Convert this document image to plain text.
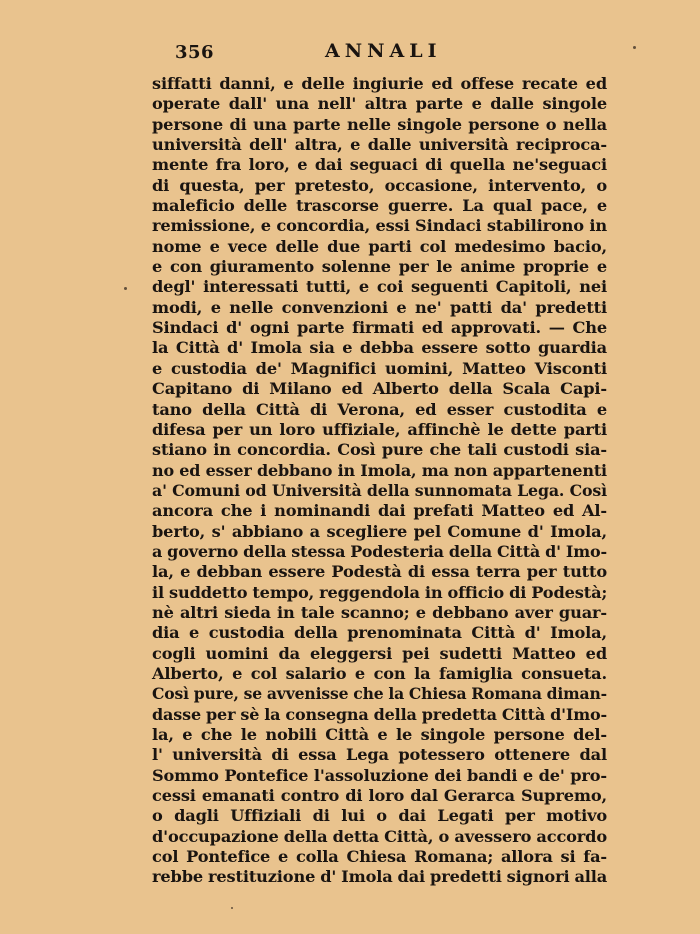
356	ANNALI
siffatti danni, e delle ingiurie ed offese recate ed
operate dall' una nell' altra parte e dalle singole
persone di una parte nelle singole persone o nella
università dell' altra, e dalle università reciproca-
mente fra loro, e dai seguaci di quella ne'seguaci
di questa, per pretesto, occasione, intervento, o
maleficio delle trascorse guerre. La qual pace, e
remissione, e concordia, essi Sindaci stabilirono in
nome e vece delle due parti col medesimo bacio,
e con giuramento solenne per le anime proprie e
degl' interessati tutti, e coi seguenti Capitoli, nei
modi, e nelle convenzioni e ne' patti da' predetti
Sindaci d' ogni parte firmati ed approvati. — Che
la Città d' Imola sia e debba essere sotto guardia
e custodia de' Magnifici uomini, Matteo Visconti
Capitano di Milano ed Alberto della Scala Capi-
tano della Città di Verona, ed esser custodita e
difesa per un loro uffiziale, affinchè le dette parti
stiano in concordia. Così pure che tali custodi sia-
no ed esser debbano in Imola, ma non appartenenti
a' Comuni od Università della sunnomata Lega. Così
ancora che i nominandi dai prefati Matteo ed Al-
berto, s' abbiano a scegliere pel Comune d' Imola,
a governo della stessa Podesteria della Città d' Imo-
la, e debban essere Podestà di essa terra per tutto
il suddetto tempo, reggendola in officio di Podestà;
nè altri sieda in tale scanno; e debbano aver guar-
dia e custodia della prenominata Città d' Imola,
cogli uomini da eleggersi pei sudetti Matteo ed
Alberto, e col salario e con la famiglia consueta.
Così pure, se avvenisse che la Chiesa Romana diman-
dasse per sè la consegna della predetta Città d'Imo-
la, e che le nobili Città e le singole persone del-
l' università di essa Lega potessero ottenere dal
Sommo Pontefice l'assoluzione dei bandi e de' pro-
cessi emanati contro di loro dal Gerarca Supremo,
o dagli Uffiziali di lui o dai Legati per motivo
d'occupazione della detta Città, o avessero accordo
col Pontefice e colla Chiesa Romana; allora si fa-
rebbe restituzione d' Imola dai predetti signori alla
